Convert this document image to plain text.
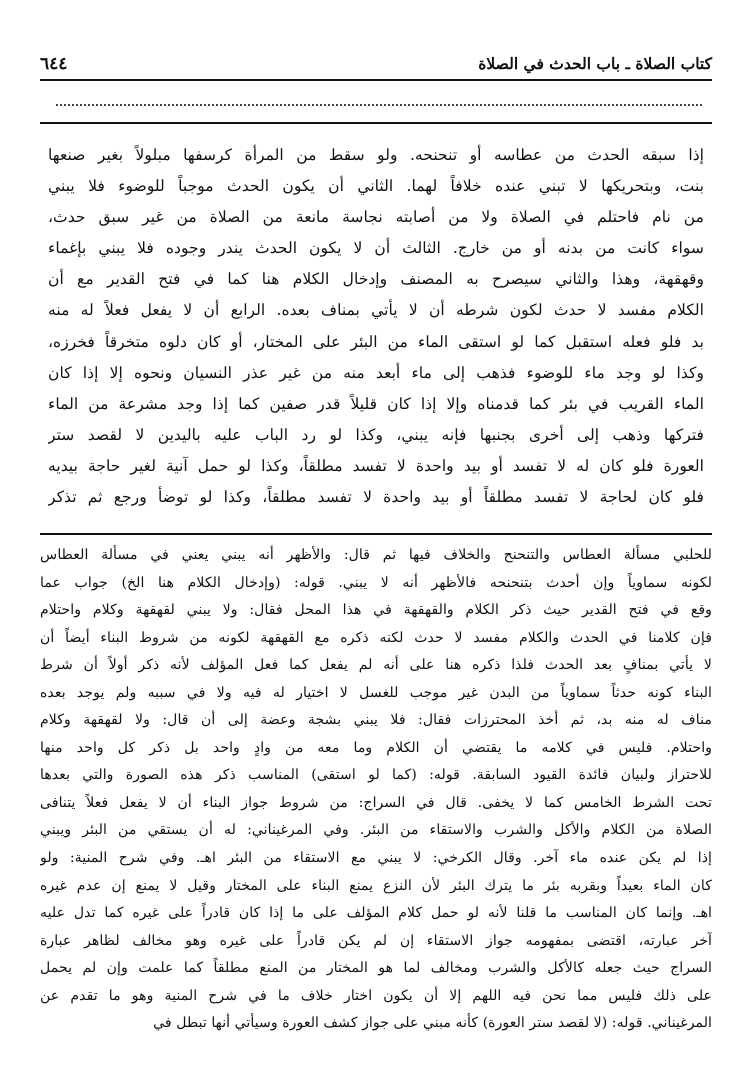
كتاب الصلاة ـ باب الحدث في الصلاة
٦٤٤
إذا سبقه الحدث من عطاسه أو تنحنحه. ولو سقط من المرأة كرسفها مبلولاً بغير صنعها
بنت، وبتحريكها لا تبني عنده خلافاً لهما. الثاني أن يكون الحدث موجباً للوضوء فلا يبني
من نام فاحتلم في الصلاة ولا من أصابته نجاسة مانعة من الصلاة من غير سبق حدث،
سواء كانت من بدنه أو من خارج. الثالث أن لا يكون الحدث يندر وجوده فلا يبني بإغماء
وقهقهة، وهذا والثاني سيصرح به المصنف وإدخال الكلام هنا كما في فتح القدير مع أن
الكلام مفسد لا حدث لكون شرطه أن لا يأتي بمناف بعده. الرابع أن لا يفعل فعلاً له منه
بد فلو فعله استقبل كما لو استقى الماء من البئر على المختار، أو كان دلوه متخرقاً فخرزه،
وكذا لو وجد ماء للوضوء فذهب إلى ماء أبعد منه من غير عذر النسيان ونحوه إلا إذا كان
الماء القريب في بئر كما قدمناه وإلا إذا كان قليلاً قدر صفين كما إذا وجد مشرعة من الماء
فتركها وذهب إلى أخرى بجنبها فإنه يبني، وكذا لو رد الباب عليه باليدين لا لقصد ستر
العورة فلو كان له لا تفسد أو بيد واحدة لا تفسد مطلقاً، وكذا لو حمل آنية لغير حاجة بيديه
فلو كان لحاجة لا تفسد مطلقاً أو بيد واحدة لا تفسد مطلقاً، وكذا لو توضأ ورجع ثم تذكر
للحلبي مسألة العطاس والتنحنح والخلاف فيها ثم قال: والأظهر أنه يبني يعني في مسألة العطاس
لكونه سماوياً وإن أحدث بتنحنحه فالأظهر أنه لا يبني. قوله: (وإدخال الكلام هنا الخ) جواب عما
وقع في فتح القدير حيث ذكر الكلام والقهقهة في هذا المحل فقال: ولا يبني لقهقهة وكلام واحتلام
فإن كلامنا في الحدث والكلام مفسد لا حدث لكنه ذكره مع القهقهة لكونه من شروط البناء أيضاً أن
لا يأتي بمنافٍ بعد الحدث فلذا ذكره هنا على أنه لم يفعل كما فعل المؤلف لأنه ذكر أولاً أن شرط
البناء كونه حدثاً سماوياً من البدن غير موجب للغسل لا اختيار له فيه ولا في سببه ولم يوجد بعده
مناف له منه بد، ثم أخذ المحترزات فقال: فلا يبني بشجة وعضة إلى أن قال: ولا لقهقهة وكلام
واحتلام. فليس في كلامه ما يقتضي أن الكلام وما معه من وادٍ واحد بل ذكر كل واحد منها
للاحتراز ولبيان فائدة القيود السابقة. قوله: (كما لو استقى) المناسب ذكر هذه الصورة والتي بعدها
تحت الشرط الخامس كما لا يخفى. قال في السراج: من شروط جواز البناء أن لا يفعل فعلاً يتنافى
الصلاة من الكلام والأكل والشرب والاستقاء من البئر. وفي المرغيناني: له أن يستقي من البئر ويبني
إذا لم يكن عنده ماء آخر. وقال الكرخي: لا يبني مع الاستقاء من البئر اهـ. وفي شرح المنية: ولو
كان الماء بعيداً وبقربه بئر ما يترك البئر لأن النزع يمنع البناء على المختار وقيل لا يمنع إن عدم غيره
اهـ. وإنما كان المناسب ما قلنا لأنه لو حمل كلام المؤلف على ما إذا كان قادراً على غيره كما تدل عليه
آخر عبارته، اقتضى بمفهومه جواز الاستقاء إن لم يكن قادراً على غيره وهو مخالف لظاهر عبارة
السراج حيث جعله كالأكل والشرب ومخالف لما هو المختار من المنع مطلقاً كما علمت وإن لم يحمل
على ذلك فليس مما نحن فيه اللهم إلا أن يكون اختار خلاف ما في شرح المنية وهو ما تقدم عن
المرغيناني. قوله: (لا لقصد ستر العورة) كأنه مبني على جواز كشف العورة وسيأتي أنها تبطل في
